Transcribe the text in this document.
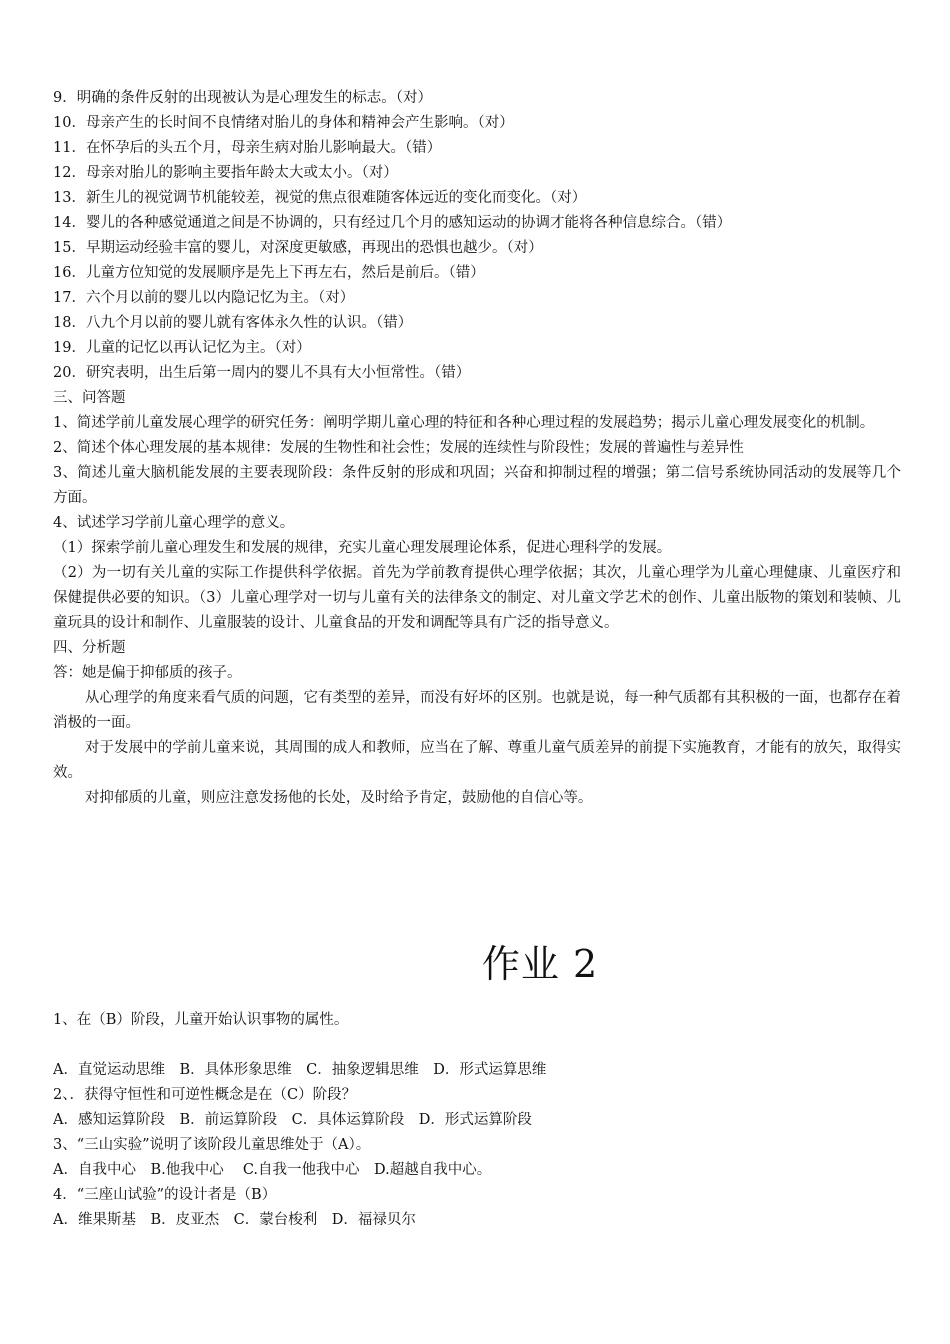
9．明确的条件反射的出现被认为是心理发生的标志。（对）
10．母亲产生的长时间不良情绪对胎儿的身体和精神会产生影响。（对）
11．在怀孕后的头五个月，母亲生病对胎儿影响最大。（错）
12．母亲对胎儿的影响主要指年龄太大或太小。（对）
13．新生儿的视觉调节机能较差，视觉的焦点很难随客体远近的变化而变化。（对）
14．婴儿的各种感觉通道之间是不协调的，只有经过几个月的感知运动的协调才能将各种信息综合。（错）
15．早期运动经验丰富的婴儿，对深度更敏感，再现出的恐惧也越少。（对）
16．儿童方位知觉的发展顺序是先上下再左右，然后是前后。（错）
17．六个月以前的婴儿以内隐记忆为主。（对）
18．八九个月以前的婴儿就有客体永久性的认识。（错）
19．儿童的记忆以再认记忆为主。（对）
20．研究表明，出生后第一周内的婴儿不具有大小恒常性。（错）
三、问答题
1、简述学前儿童发展心理学的研究任务：阐明学期儿童心理的特征和各种心理过程的发展趋势；揭示儿童心理发展变化的机制。
2、简述个体心理发展的基本规律：发展的生物性和社会性；发展的连续性与阶段性；发展的普遍性与差异性
3、简述儿童大脑机能发展的主要表现阶段：条件反射的形成和巩固；兴奋和抑制过程的增强；第二信号系统协同活动的发展等几个方面。
4、试述学习学前儿童心理学的意义。
（1）探索学前儿童心理发生和发展的规律，充实儿童心理发展理论体系，促进心理科学的发展。
（2）为一切有关儿童的实际工作提供科学依据。首先为学前教育提供心理学依据；其次，儿童心理学为儿童心理健康、儿童医疗和保健提供必要的知识。（3）儿童心理学对一切与儿童有关的法律条文的制定、对儿童文学艺术的创作、儿童出版物的策划和装帧、儿童玩具的设计和制作、儿童服装的设计、儿童食品的开发和调配等具有广泛的指导意义。
四、分析题
答：她是偏于抑郁质的孩子。
从心理学的角度来看气质的问题，它有类型的差异，而没有好坏的区别。也就是说，每一种气质都有其积极的一面，也都存在着消极的一面。
对于发展中的学前儿童来说，其周围的成人和教师，应当在了解、尊重儿童气质差异的前提下实施教育，才能有的放矢，取得实效。
对抑郁质的儿童，则应注意发扬他的长处，及时给予肯定，鼓励他的自信心等。
作业 2
1、在（B）阶段，儿童开始认识事物的属性。
A．直觉运动思维　B．具体形象思维　C．抽象逻辑思维　D．形式运算思维
2、．获得守恒性和可逆性概念是在（C）阶段？
A．感知运算阶段　B．前运算阶段　C．具体运算阶段　D．形式运算阶段
3、“三山实验”说明了该阶段儿童思维处于（A）。
A．自我中心　B.他我中心　 C.自我一他我中心　D.超越自我中心。
4．“三座山试验”的设计者是（B）
A．维果斯基　B．皮亚杰　C．蒙台梭利　D．福禄贝尔
